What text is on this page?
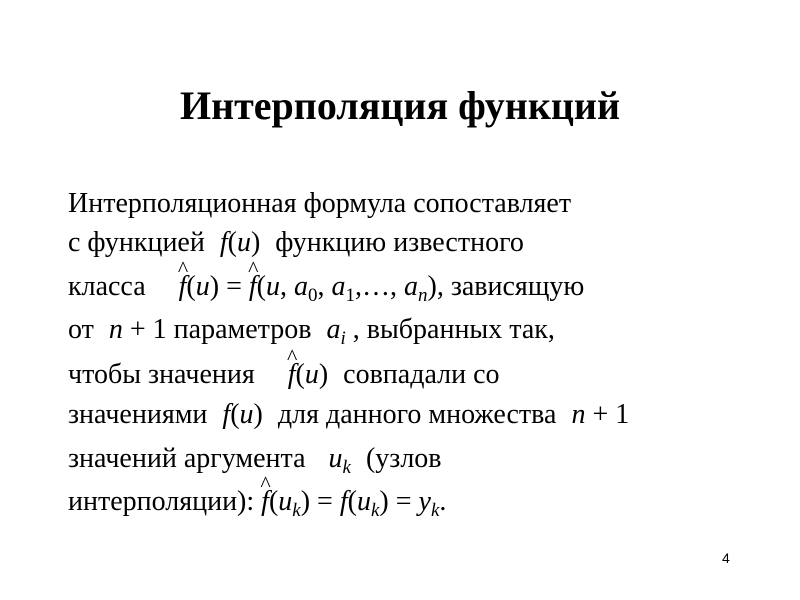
Интерполяция функций
Интерполяционная формула сопоставляет
с функцией f(u) функцию известного
класса ^ f(u) = ^ f(u, $a_0$, $a_1,\dots$, $a_n$), зависящую
от n + 1 параметров $a_i$ , выбранных так,
чтобы значения ^ f(u) совпадали со
значениями f(u) для данного множества n + 1
значений аргумента $u_k$ (узлов
интерполяции): ^ $f(u_k) = f(u_k) = y_k$.
4
